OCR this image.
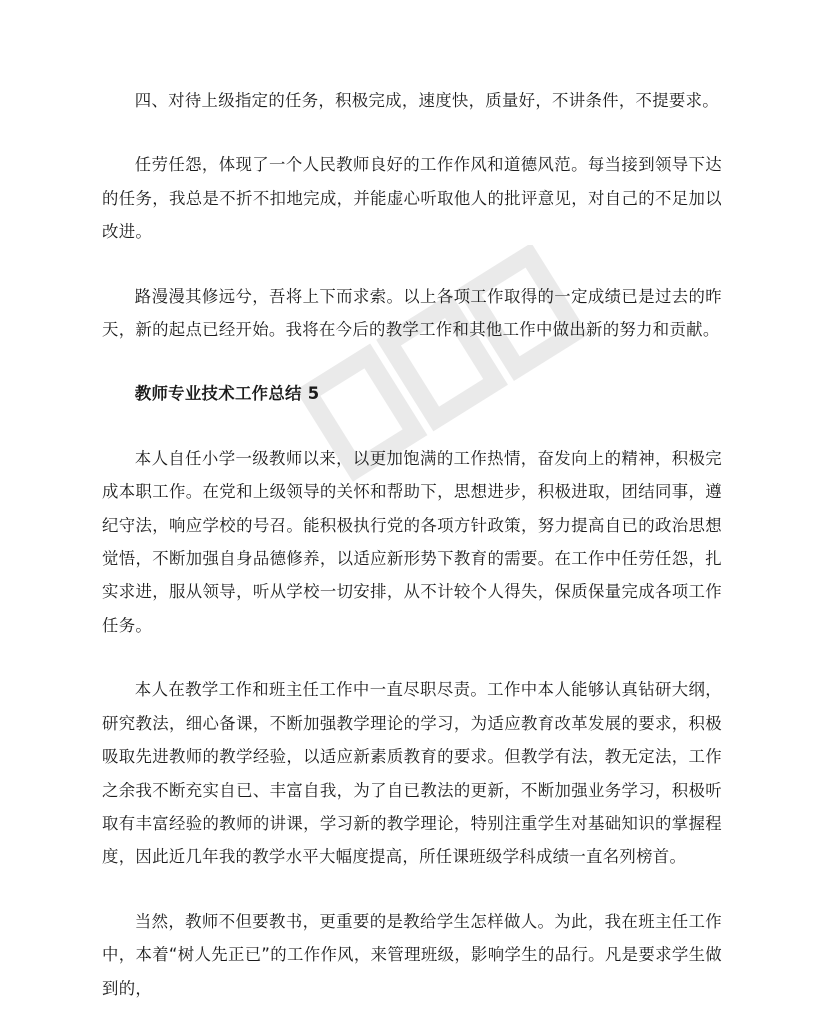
四、对待上级指定的任务，积极完成，速度快，质量好，不讲条件，不提要求。

任劳任怨，体现了一个人民教师良好的工作作风和道德风范。每当接到领导下达的任务，我总是不折不扣地完成，并能虚心听取他人的批评意见，对自己的不足加以改进。

路漫漫其修远兮，吾将上下而求索。以上各项工作取得的一定成绩已是过去的昨天，新的起点已经开始。我将在今后的教学工作和其他工作中做出新的努力和贡献。

教师专业技术工作总结 5

本人自任小学一级教师以来，以更加饱满的工作热情，奋发向上的精神，积极完成本职工作。在党和上级领导的关怀和帮助下，思想进步，积极进取，团结同事，遵纪守法，响应学校的号召。能积极执行党的各项方针政策，努力提高自已的政治思想觉悟，不断加强自身品德修养，以适应新形势下教育的需要。在工作中任劳任怨，扎实求进，服从领导，听从学校一切安排，从不计较个人得失，保质保量完成各项工作任务。

本人在教学工作和班主任工作中一直尽职尽责。工作中本人能够认真钻研大纲，研究教法，细心备课，不断加强教学理论的学习，为适应教育改革发展的要求，积极吸取先进教师的教学经验，以适应新素质教育的要求。但教学有法，教无定法，工作之余我不断充实自已、丰富自我，为了自已教法的更新，不断加强业务学习，积极听取有丰富经验的教师的讲课，学习新的教学理论，特别注重学生对基础知识的掌握程度，因此近几年我的教学水平大幅度提高，所任课班级学科成绩一直名列榜首。

当然，教师不但要教书，更重要的是教给学生怎样做人。为此，我在班主任工作中，本着“树人先正已”的工作作风，来管理班级，影响学生的品行。凡是要求学生做到的，
